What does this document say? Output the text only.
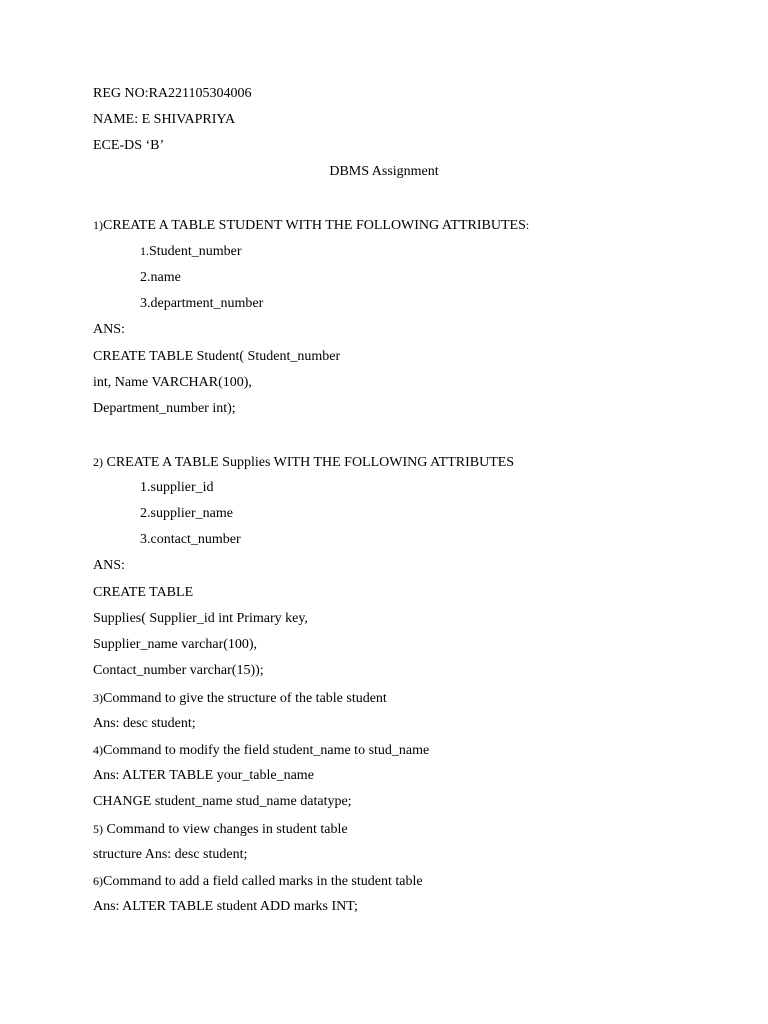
REG NO:RA221105304006
NAME: E SHIVAPRIYA
ECE-DS ‘B’
DBMS Assignment
1)CREATE A TABLE STUDENT WITH THE FOLLOWING ATTRIBUTES:
1.Student_number
2.name
3.department_number
ANS:
CREATE TABLE Student( Student_number
int, Name VARCHAR(100),
Department_number int);
2) CREATE A TABLE Supplies WITH THE FOLLOWING ATTRIBUTES
1.supplier_id
2.supplier_name
3.contact_number
ANS:
CREATE TABLE
Supplies( Supplier_id int Primary key,
Supplier_name varchar(100),
Contact_number varchar(15));
3)Command to give the structure of the table student
Ans: desc student;
4)Command to modify the field student_name to stud_name
Ans: ALTER TABLE your_table_name
CHANGE student_name stud_name datatype;
5) Command to view changes in student table
structure Ans: desc student;
6)Command to add a field called marks in the student table
Ans: ALTER TABLE student ADD marks INT;
